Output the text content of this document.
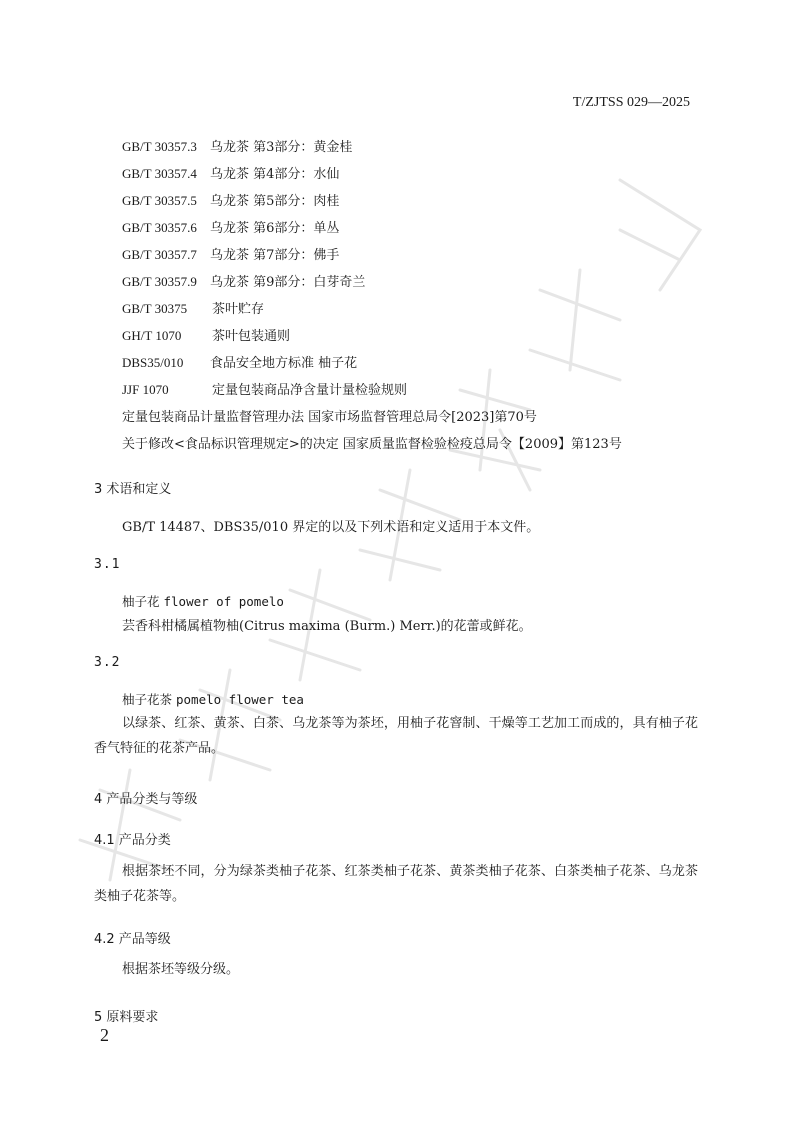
T/ZJTSS 029—2025
GB/T 30357.3 乌龙茶 第3部分：黄金桂
GB/T 30357.4 乌龙茶 第4部分：水仙
GB/T 30357.5 乌龙茶 第5部分：肉桂
GB/T 30357.6 乌龙茶 第6部分：单丛
GB/T 30357.7 乌龙茶 第7部分：佛手
GB/T 30357.9 乌龙茶 第9部分：白芽奇兰
GB/T 30375 茶叶贮存
GH/T 1070 茶叶包装通则
DBS35/010 食品安全地方标准 柚子花
JJF 1070	定量包装商品净含量计量检验规则
定量包装商品计量监督管理办法 国家市场监督管理总局令[2023]第70号
关于修改<食品标识管理规定>的决定 国家质量监督检验检疫总局令【2009】第123号
3 术语和定义
GB/T 14487、DBS35/010 界定的以及下列术语和定义适用于本文件。
3.1
柚子花 flower of pomelo
芸香科柑橘属植物柚(Citrus maxima (Burm.) Merr.)的花蕾或鲜花。
3.2
柚子花茶 pomelo flower tea
以绿茶、红茶、黄茶、白茶、乌龙茶等为茶坯，用柚子花窨制、干燥等工艺加工而成的，具有柚子花香气特征的花茶产品。
4 产品分类与等级
4.1 产品分类
根据茶坯不同，分为绿茶类柚子花茶、红茶类柚子花茶、黄茶类柚子花茶、白茶类柚子花茶、乌龙茶类柚子花茶等。
4.2 产品等级
根据茶坯等级分级。
5 原料要求
2
